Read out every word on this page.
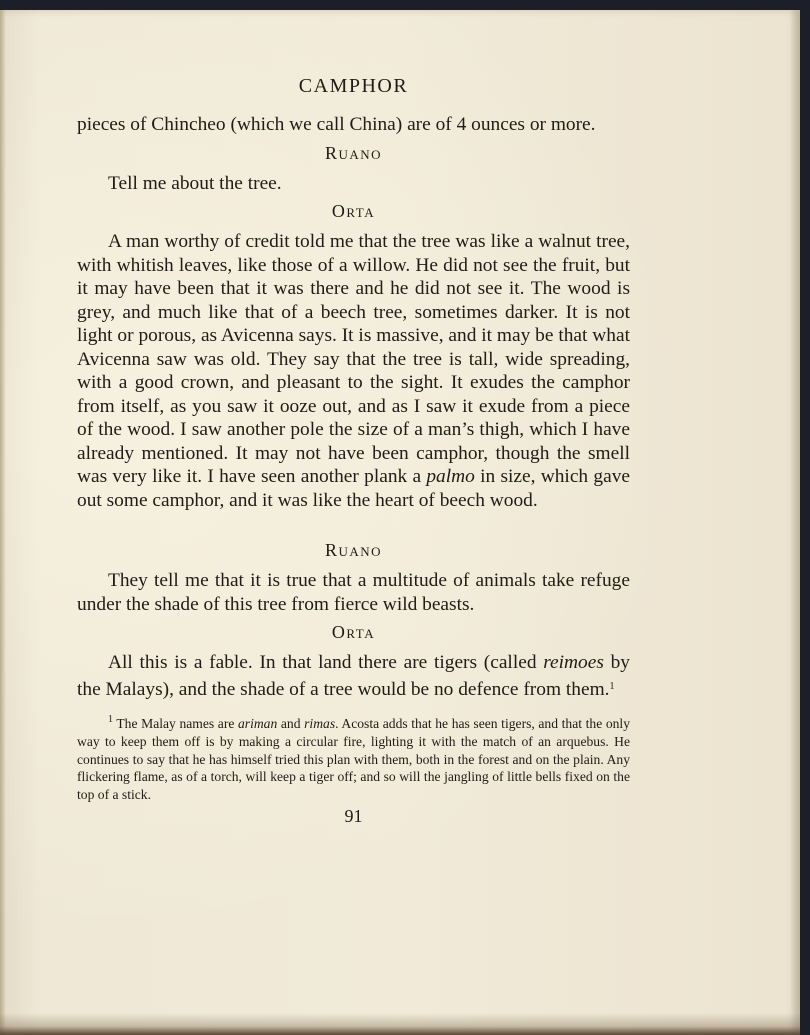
CAMPHOR

pieces of Chincheo (which we call China) are of 4 ounces or more.

Ruano

Tell me about the tree.

Orta

A man worthy of credit told me that the tree was like a walnut tree, with whitish leaves, like those of a willow. He did not see the fruit, but it may have been that it was there and he did not see it. The wood is grey, and much like that of a beech tree, sometimes darker. It is not light or porous, as Avicenna says. It is massive, and it may be that what Avicenna saw was old. They say that the tree is tall, wide spreading, with a good crown, and pleasant to the sight. It exudes the camphor from itself, as you saw it ooze out, and as I saw it exude from a piece of the wood. I saw another pole the size of a man’s thigh, which I have already mentioned. It may not have been camphor, though the smell was very like it. I have seen another plank a palmo in size, which gave out some camphor, and it was like the heart of beech wood.

Ruano

They tell me that it is true that a multitude of animals take refuge under the shade of this tree from fierce wild beasts.

Orta

All this is a fable. In that land there are tigers (called reimoes by the Malays), and the shade of a tree would be no defence from them.$^1$

$^1$ The Malay names are ariman and rimas. Acosta adds that he has seen tigers, and that the only way to keep them off is by making a circular fire, lighting it with the match of an arquebus. He continues to say that he has himself tried this plan with them, both in the forest and on the plain. Any flickering flame, as of a torch, will keep a tiger off; and so will the jangling of little bells fixed on the top of a stick.
91
